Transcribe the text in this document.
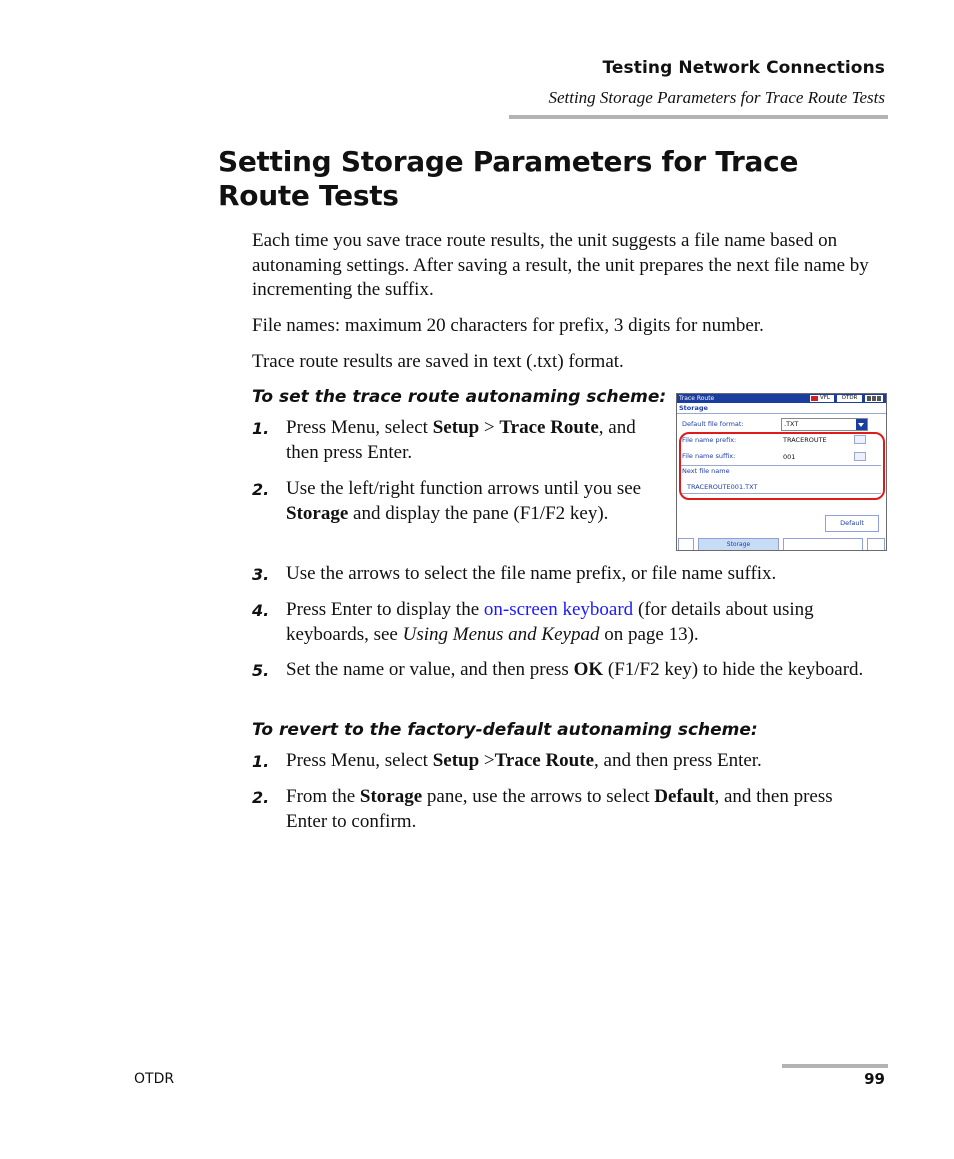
Testing Network Connections
Setting Storage Parameters for Trace Route Tests
Setting Storage Parameters for Trace Route Tests

Each time you save trace route results, the unit suggests a file name based on autonaming settings. After saving a result, the unit prepares the next file name by incrementing the suffix.

File names: maximum 20 characters for prefix, 3 digits for number.

Trace route results are saved in text (.txt) format.

To set the trace route autonaming scheme:
1. Press Menu, select Setup > Trace Route, and then press Enter.
2. Use the left/right function arrows until you see Storage and display the pane (F1/F2 key).
3. Use the arrows to select the file name prefix, or file name suffix.
4. Press Enter to display the on-screen keyboard (for details about using keyboards, see Using Menus and Keypad on page 13).
5. Set the name or value, and then press OK (F1/F2 key) to hide the keyboard.
To revert to the factory-default autonaming scheme:
1. Press Menu, select Setup >Trace Route, and then press Enter.
2. From the Storage pane, use the arrows to select Default, and then press Enter to confirm.
Trace Route	VFL	OTDR
Storage
Default file format:	.TXT
File name prefix:	TRACEROUTE
File name suffix:	001
Next file name
TRACEROUTE001.TXT
Default
Storage
OTDR	99
